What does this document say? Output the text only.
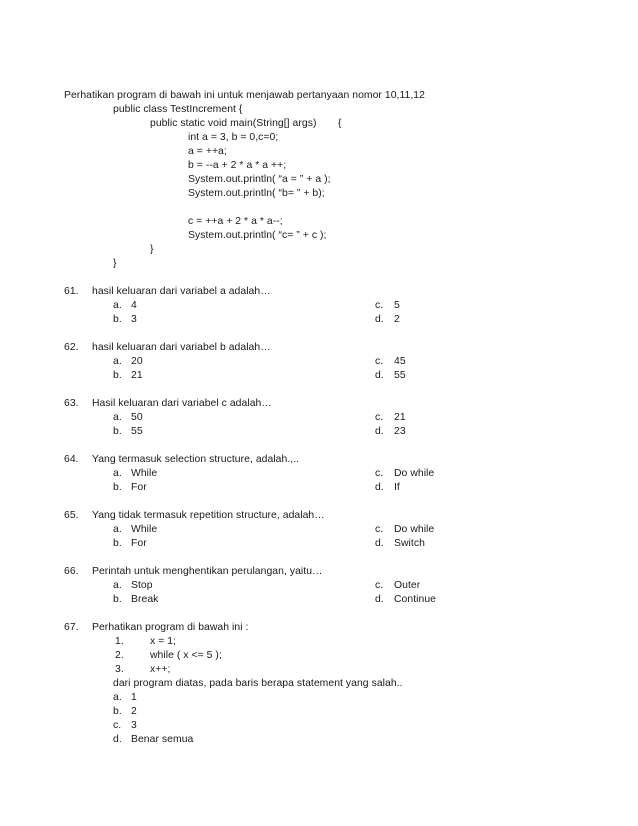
Perhatikan program di bawah ini untuk menjawab pertanyaan nomor 10,11,12
public class TestIncrement {
public static void main(String[] args) {
int a = 3, b = 0,c=0;
a = ++a;
b = --a + 2 * a * a ++;
System.out.println( “a = ” + a );
System.out.println( “b= ” + b);
c = ++a + 2 * a * a--;
System.out.println( “c= ” + c );
}
}
61. hasil keluaran dari variabel a adalah…
a. 4
b. 3
c. 5
d. 2
62. hasil keluaran dari variabel b adalah…
a. 20
b. 21
c. 45
d. 55
63. Hasil keluaran dari variabel c adalah…
a. 50
b. 55
c. 21
d. 23
64. Yang termasuk selection structure, adalah.,..
a. While
b. For
c. Do while
d. If
65. Yang tidak termasuk repetition structure, adalah…
a. While
b. For
c. Do while
d. Switch
66. Perintah untuk menghentikan perulangan, yaitu…
a. Stop
b. Break
c. Outer
d. Continue
67. Perhatikan program di bawah ini :
1.	x = 1;
2.	while ( x <= 5 );
3.	x++;
dari program diatas, pada baris berapa statement yang salah..
a. 1
b. 2
c. 3
d. Benar semua
